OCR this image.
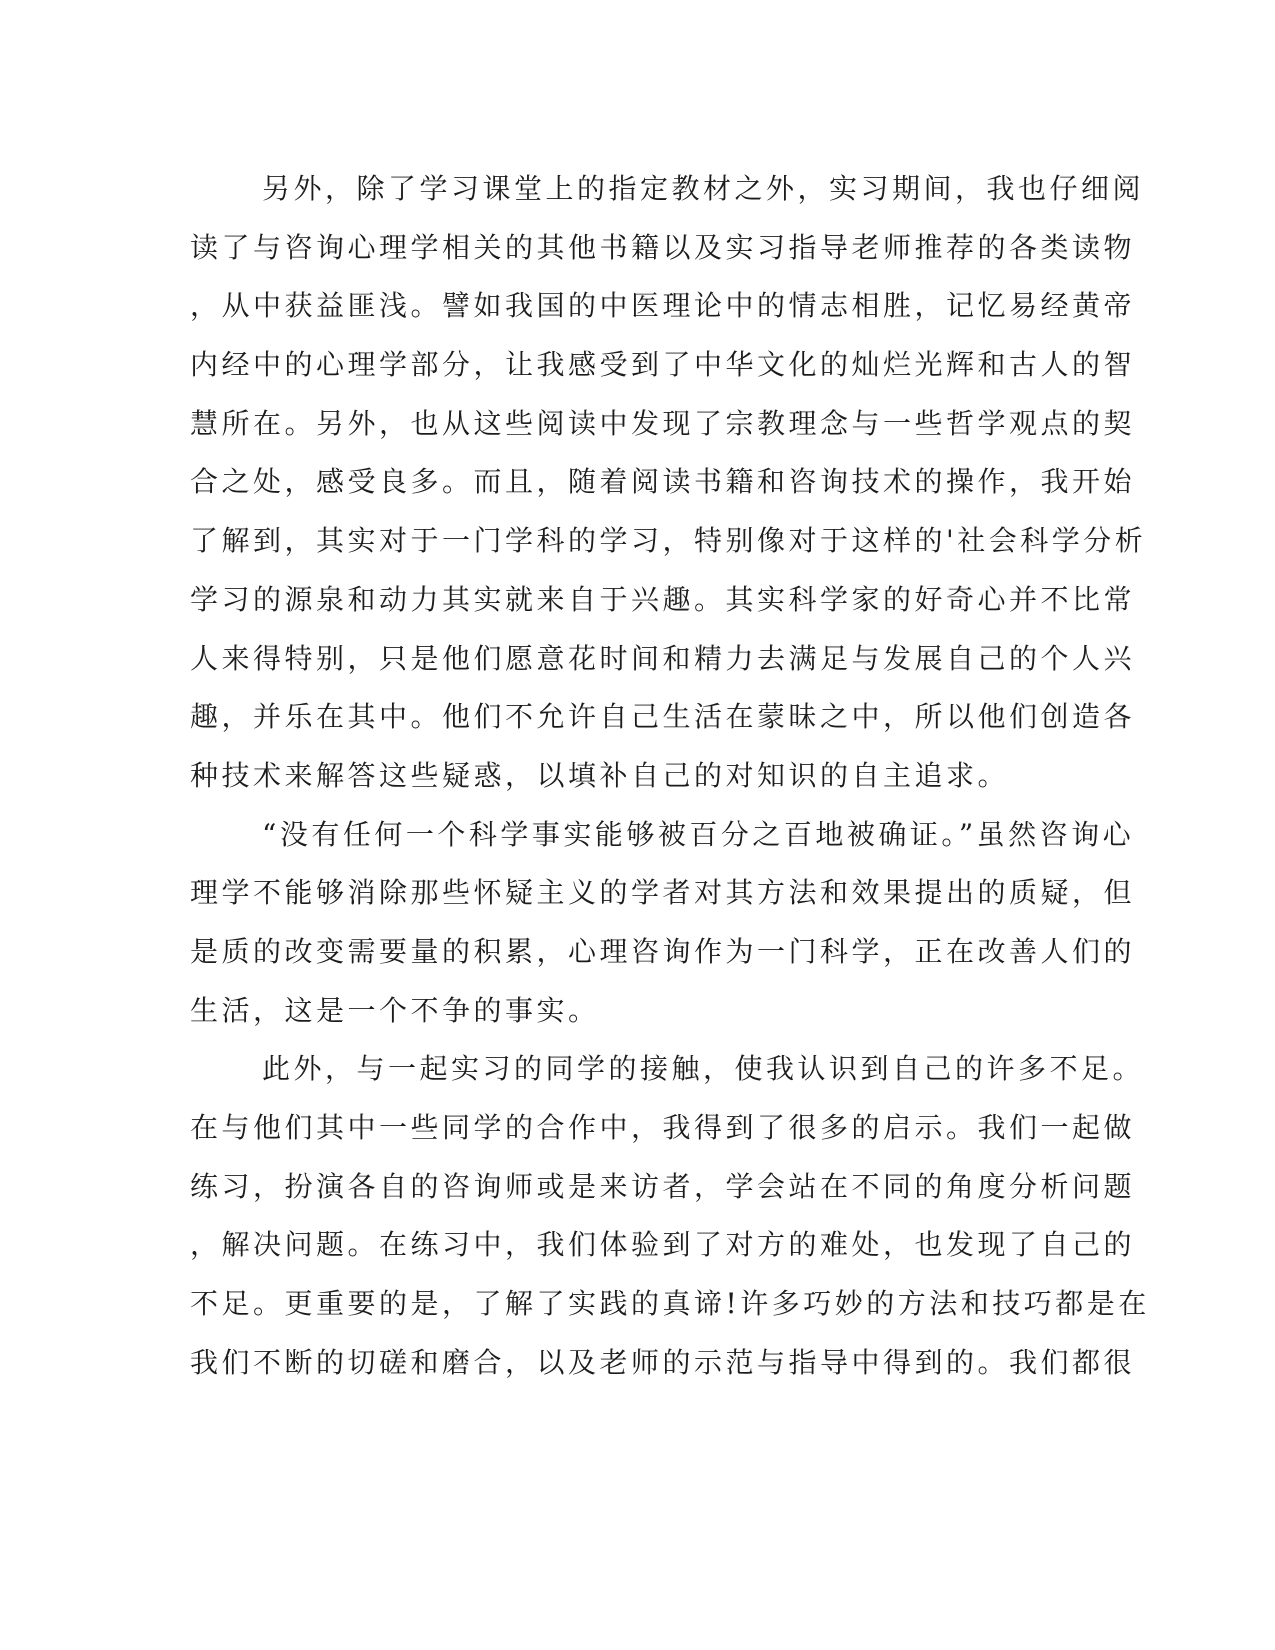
另外，除了学习课堂上的指定教材之外，实习期间，我也仔细阅
读了与咨询心理学相关的其他书籍以及实习指导老师推荐的各类读物
，从中获益匪浅。譬如我国的中医理论中的情志相胜，记忆易经黄帝
内经中的心理学部分，让我感受到了中华文化的灿烂光辉和古人的智
慧所在。另外，也从这些阅读中发现了宗教理念与一些哲学观点的契
合之处，感受良多。而且，随着阅读书籍和咨询技术的操作，我开始
了解到，其实对于一门学科的学习，特别像对于这样的'社会科学分析
学习的源泉和动力其实就来自于兴趣。其实科学家的好奇心并不比常
人来得特别，只是他们愿意花时间和精力去满足与发展自己的个人兴
趣，并乐在其中。他们不允许自己生活在蒙昧之中，所以他们创造各
种技术来解答这些疑惑，以填补自己的对知识的自主追求。
“没有任何一个科学事实能够被百分之百地被确证。”虽然咨询心
理学不能够消除那些怀疑主义的学者对其方法和效果提出的质疑，但
是质的改变需要量的积累，心理咨询作为一门科学，正在改善人们的
生活，这是一个不争的事实。
此外，与一起实习的同学的接触，使我认识到自己的许多不足。
在与他们其中一些同学的合作中，我得到了很多的启示。我们一起做
练习，扮演各自的咨询师或是来访者，学会站在不同的角度分析问题
，解决问题。在练习中，我们体验到了对方的难处，也发现了自己的
不足。更重要的是，了解了实践的真谛!许多巧妙的方法和技巧都是在
我们不断的切磋和磨合，以及老师的示范与指导中得到的。我们都很
